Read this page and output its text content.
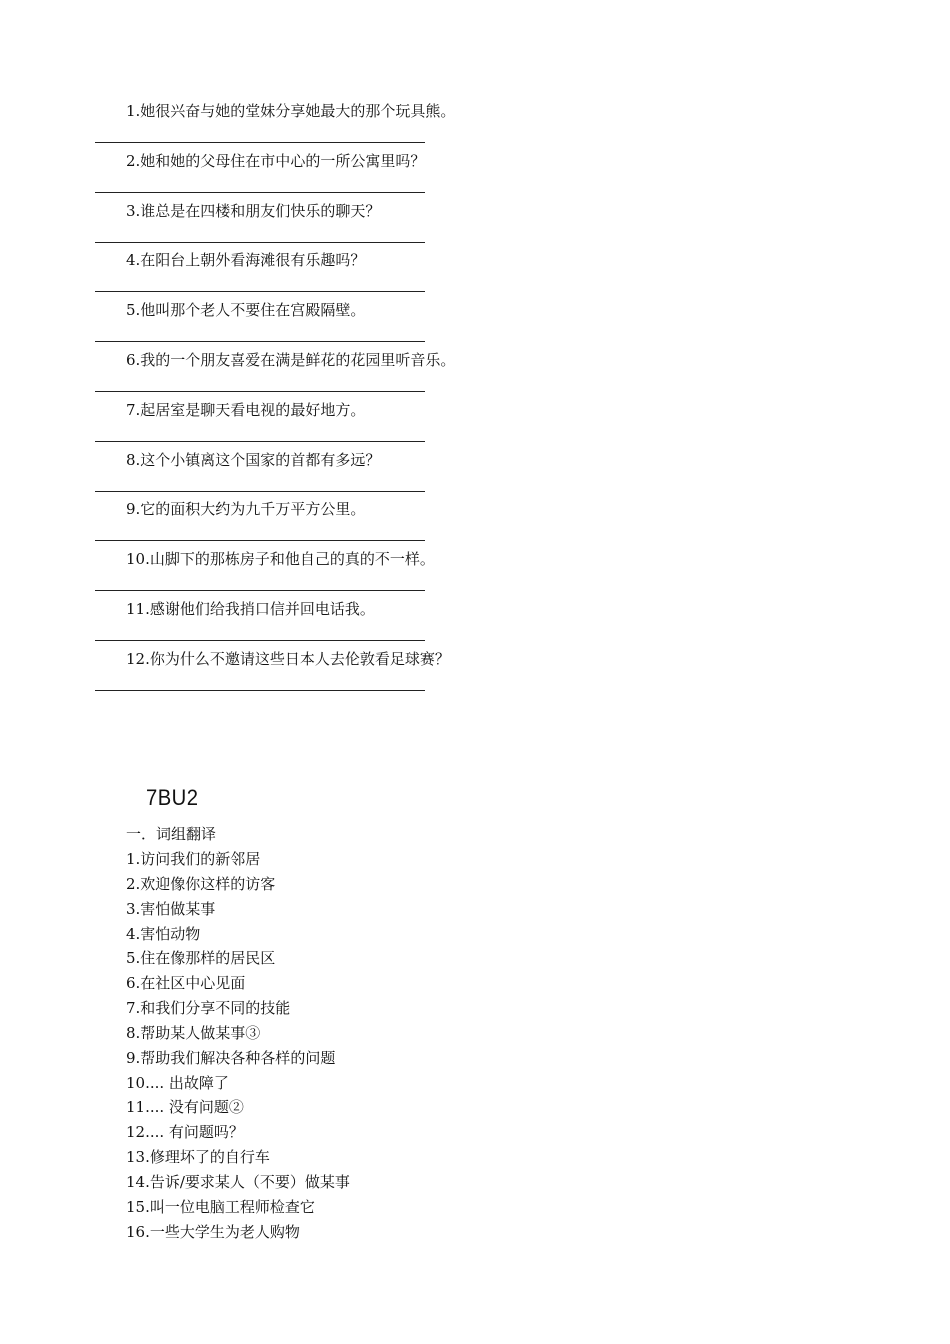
1.她很兴奋与她的堂妹分享她最大的那个玩具熊。
2.她和她的父母住在市中心的一所公寓里吗？
3.谁总是在四楼和朋友们快乐的聊天？
4.在阳台上朝外看海滩很有乐趣吗？
5.他叫那个老人不要住在宫殿隔壁。
6.我的一个朋友喜爱在满是鲜花的花园里听音乐。
7.起居室是聊天看电视的最好地方。
8.这个小镇离这个国家的首都有多远？
9.它的面积大约为九千万平方公里。
10.山脚下的那栋房子和他自己的真的不一样。
11.感谢他们给我捎口信并回电话我。
12.你为什么不邀请这些日本人去伦敦看足球赛？
7BU2
一．词组翻译
1.访问我们的新邻居
2.欢迎像你这样的访客
3.害怕做某事
4.害怕动物
5.住在像那样的居民区
6.在社区中心见面
7.和我们分享不同的技能
8.帮助某人做某事③
9.帮助我们解决各种各样的问题
10.... 出故障了
11.... 没有问题②
12.... 有问题吗？
13.修理坏了的自行车
14.告诉/要求某人（不要）做某事
15.叫一位电脑工程师检查它
16.一些大学生为老人购物
